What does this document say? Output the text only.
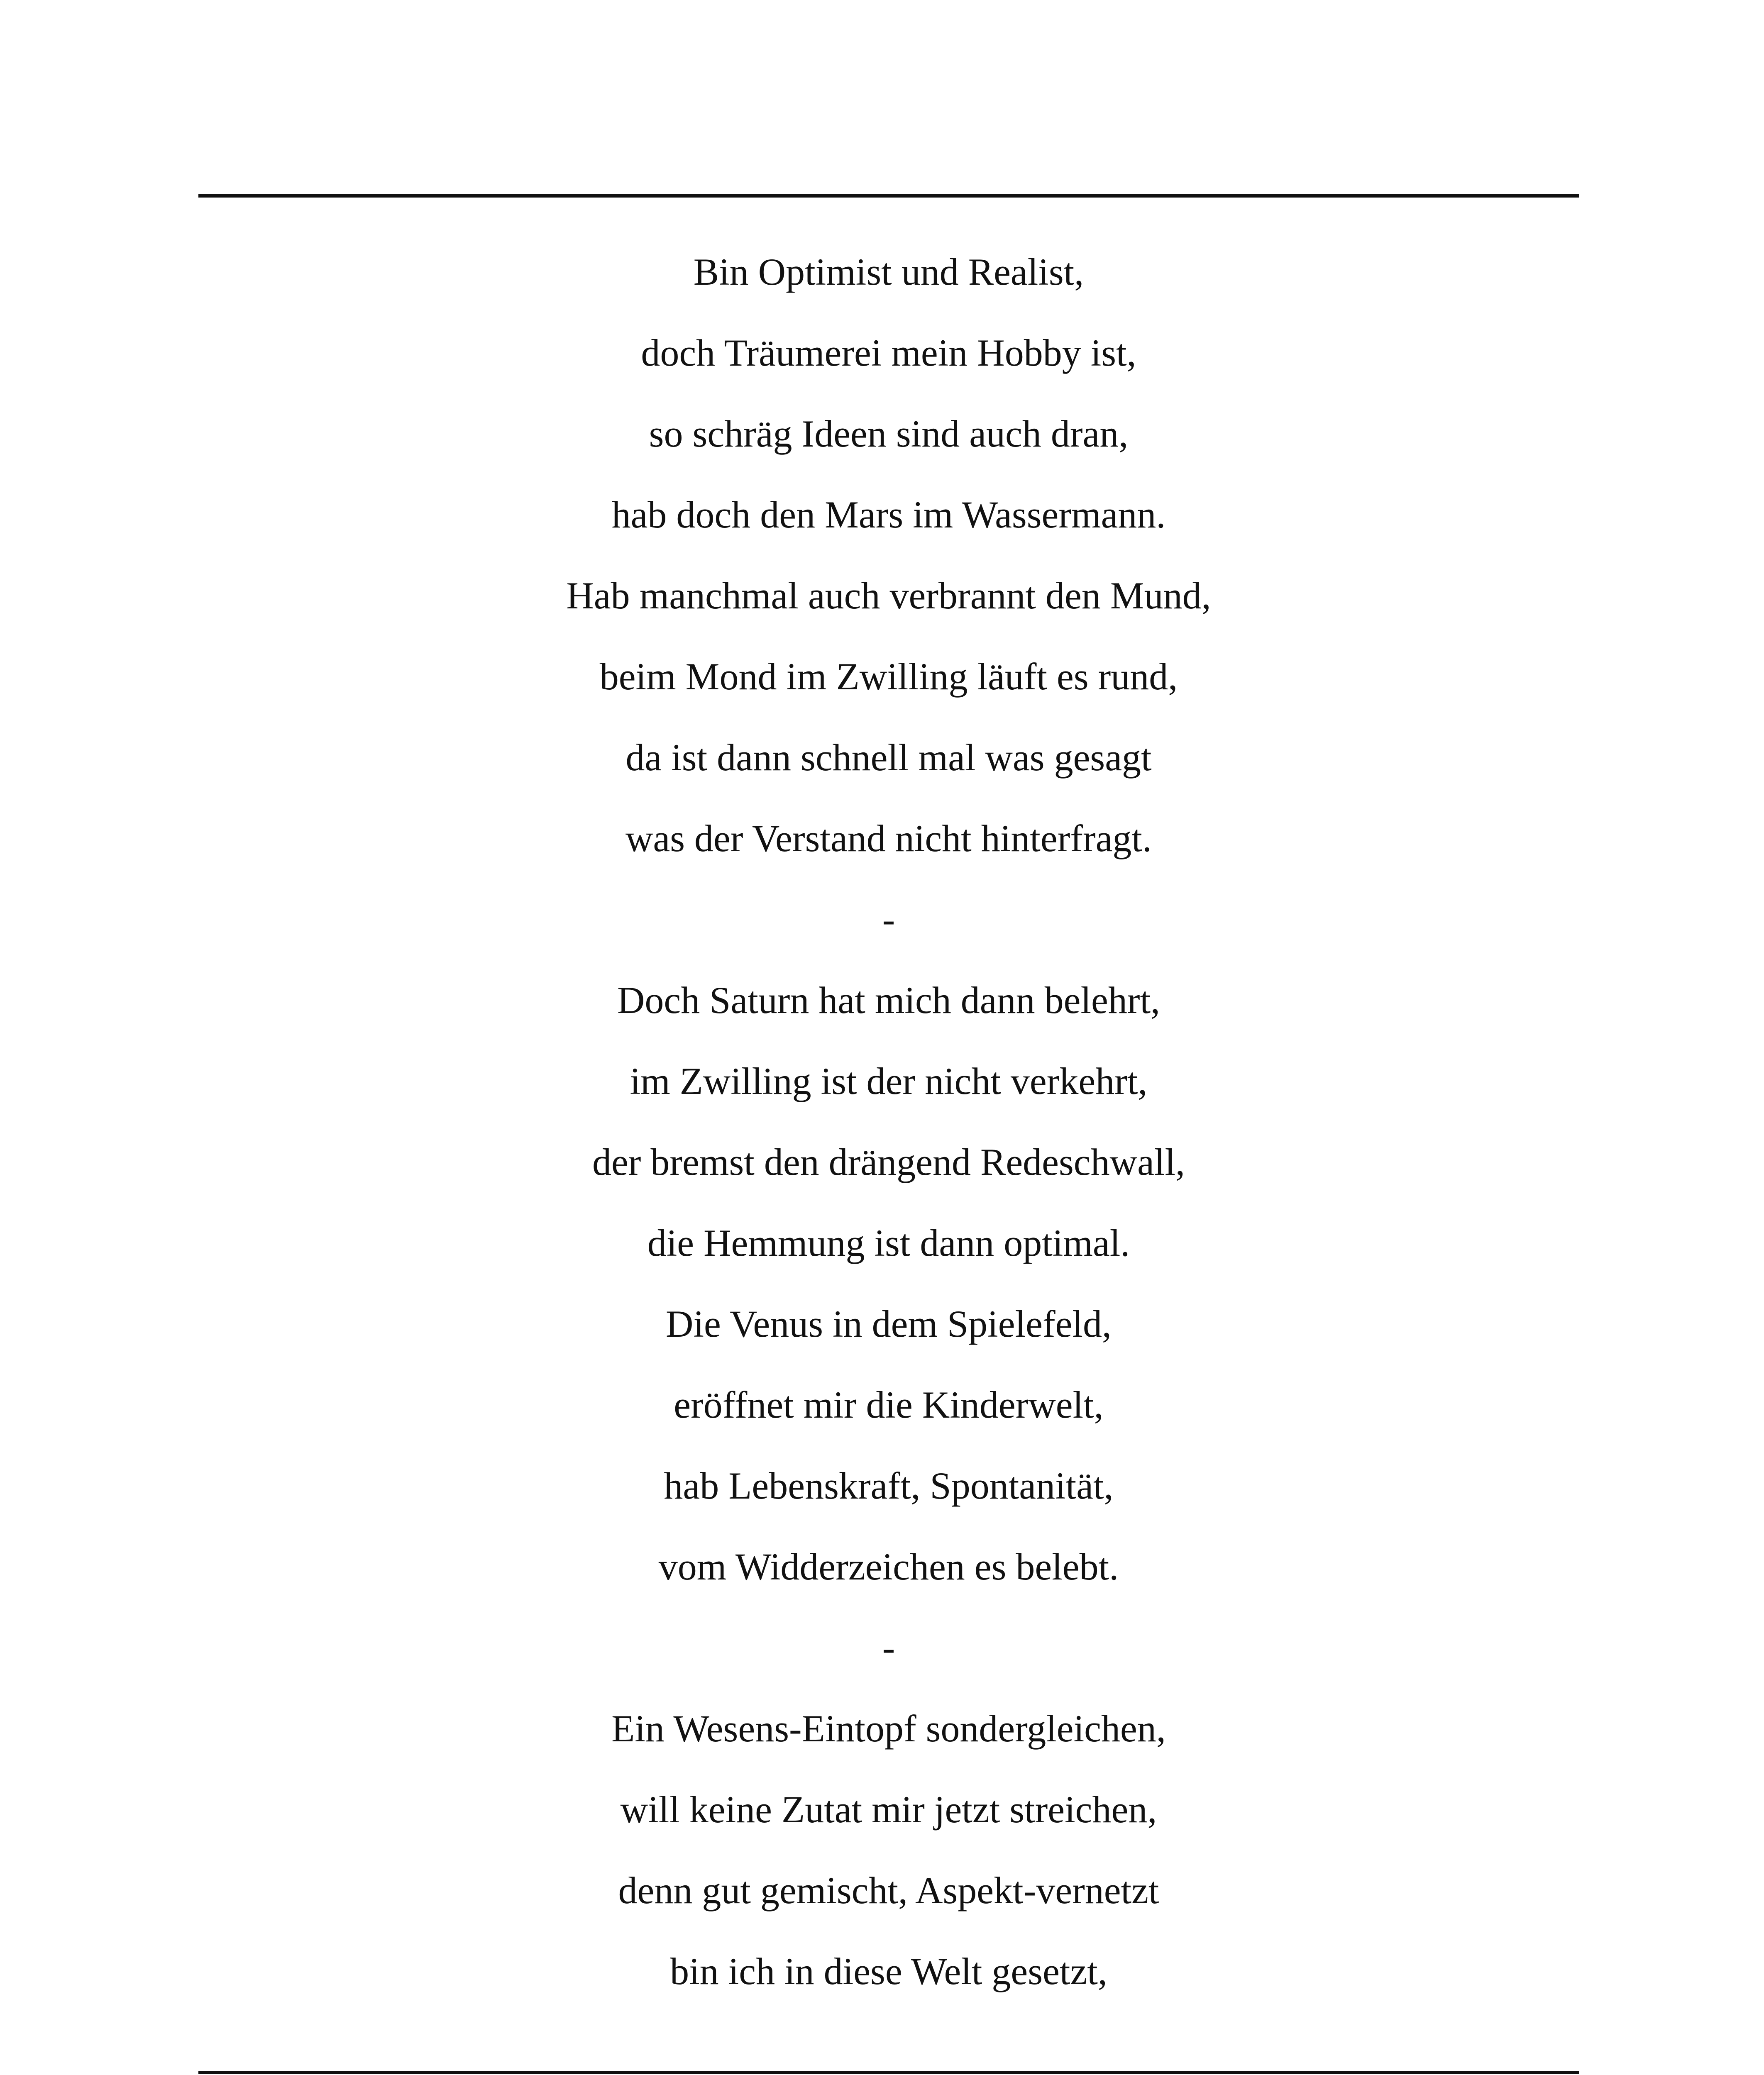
Bin Optimist und Realist,
doch Träumerei mein Hobby ist,
so schräg Ideen sind auch dran,
hab doch den Mars im Wassermann.
Hab manchmal auch verbrannt den Mund,
beim Mond im Zwilling läuft es rund,
da ist dann schnell mal was gesagt
was der Verstand nicht hinterfragt.
-
Doch Saturn hat mich dann belehrt,
im Zwilling ist der nicht verkehrt,
der bremst den drängend Redeschwall,
die Hemmung ist dann optimal.
Die Venus in dem Spielefeld,
eröffnet mir die Kinderwelt,
hab Lebenskraft, Spontanität,
vom Widderzeichen es belebt.
-
Ein Wesens-Eintopf sondergleichen,
will keine Zutat mir jetzt streichen,
denn gut gemischt, Aspekt-vernetzt
bin ich in diese Welt gesetzt,
